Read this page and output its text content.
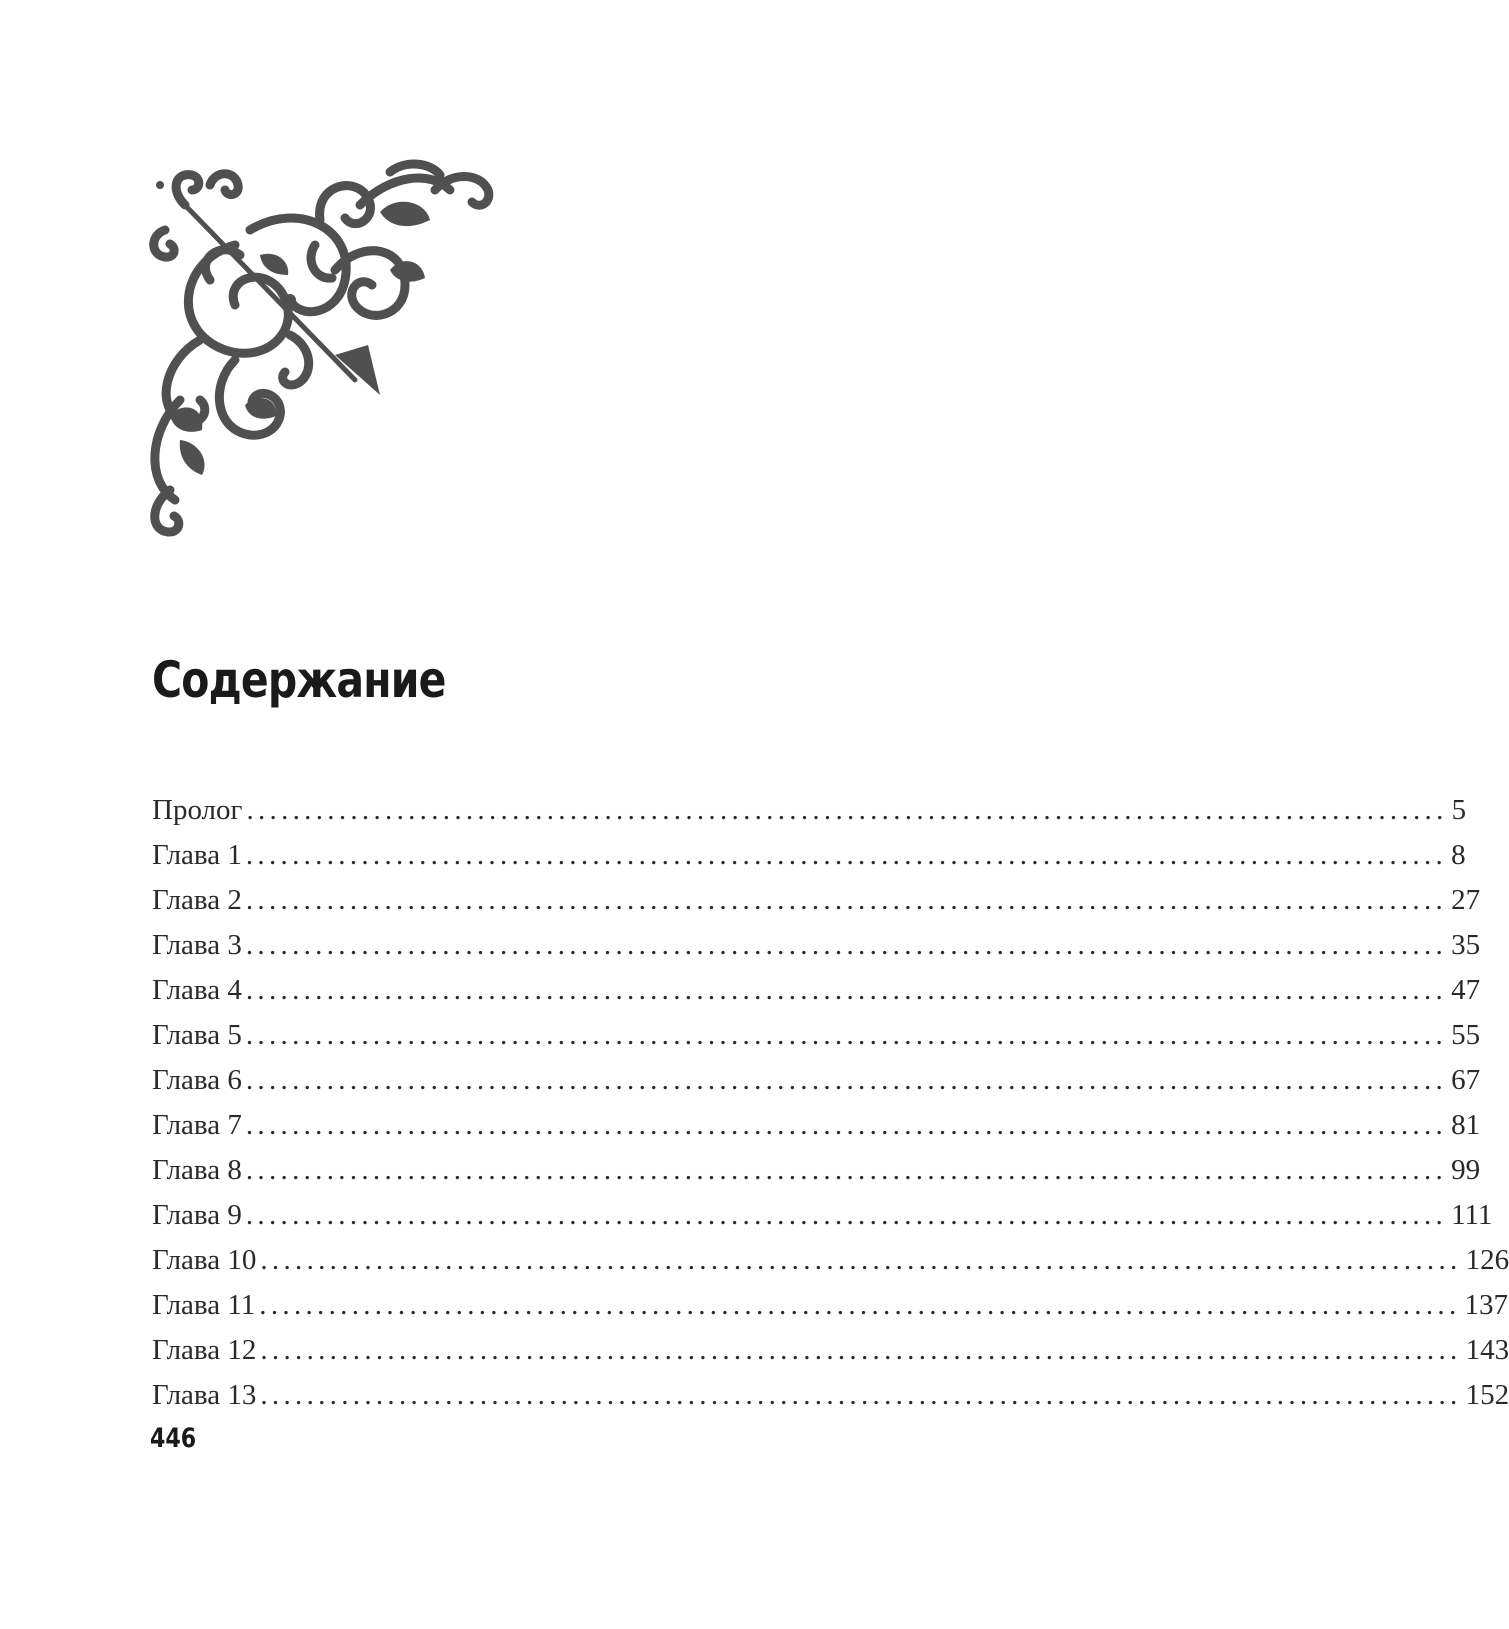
Содержание
Пролог ........................................................................................................ 5
Глава 1 ........................................................................................................ 8
Глава 2 ........................................................................................................ 27
Глава 3 ........................................................................................................ 35
Глава 4 ........................................................................................................ 47
Глава 5 ........................................................................................................ 55
Глава 6 ........................................................................................................ 67
Глава 7 ........................................................................................................ 81
Глава 8 ........................................................................................................ 99
Глава 9 ........................................................................................................ 111
Глава 10 ........................................................................................................ 126
Глава 11 ........................................................................................................ 137
Глава 12 ........................................................................................................ 143
Глава 13 ........................................................................................................ 152
446
